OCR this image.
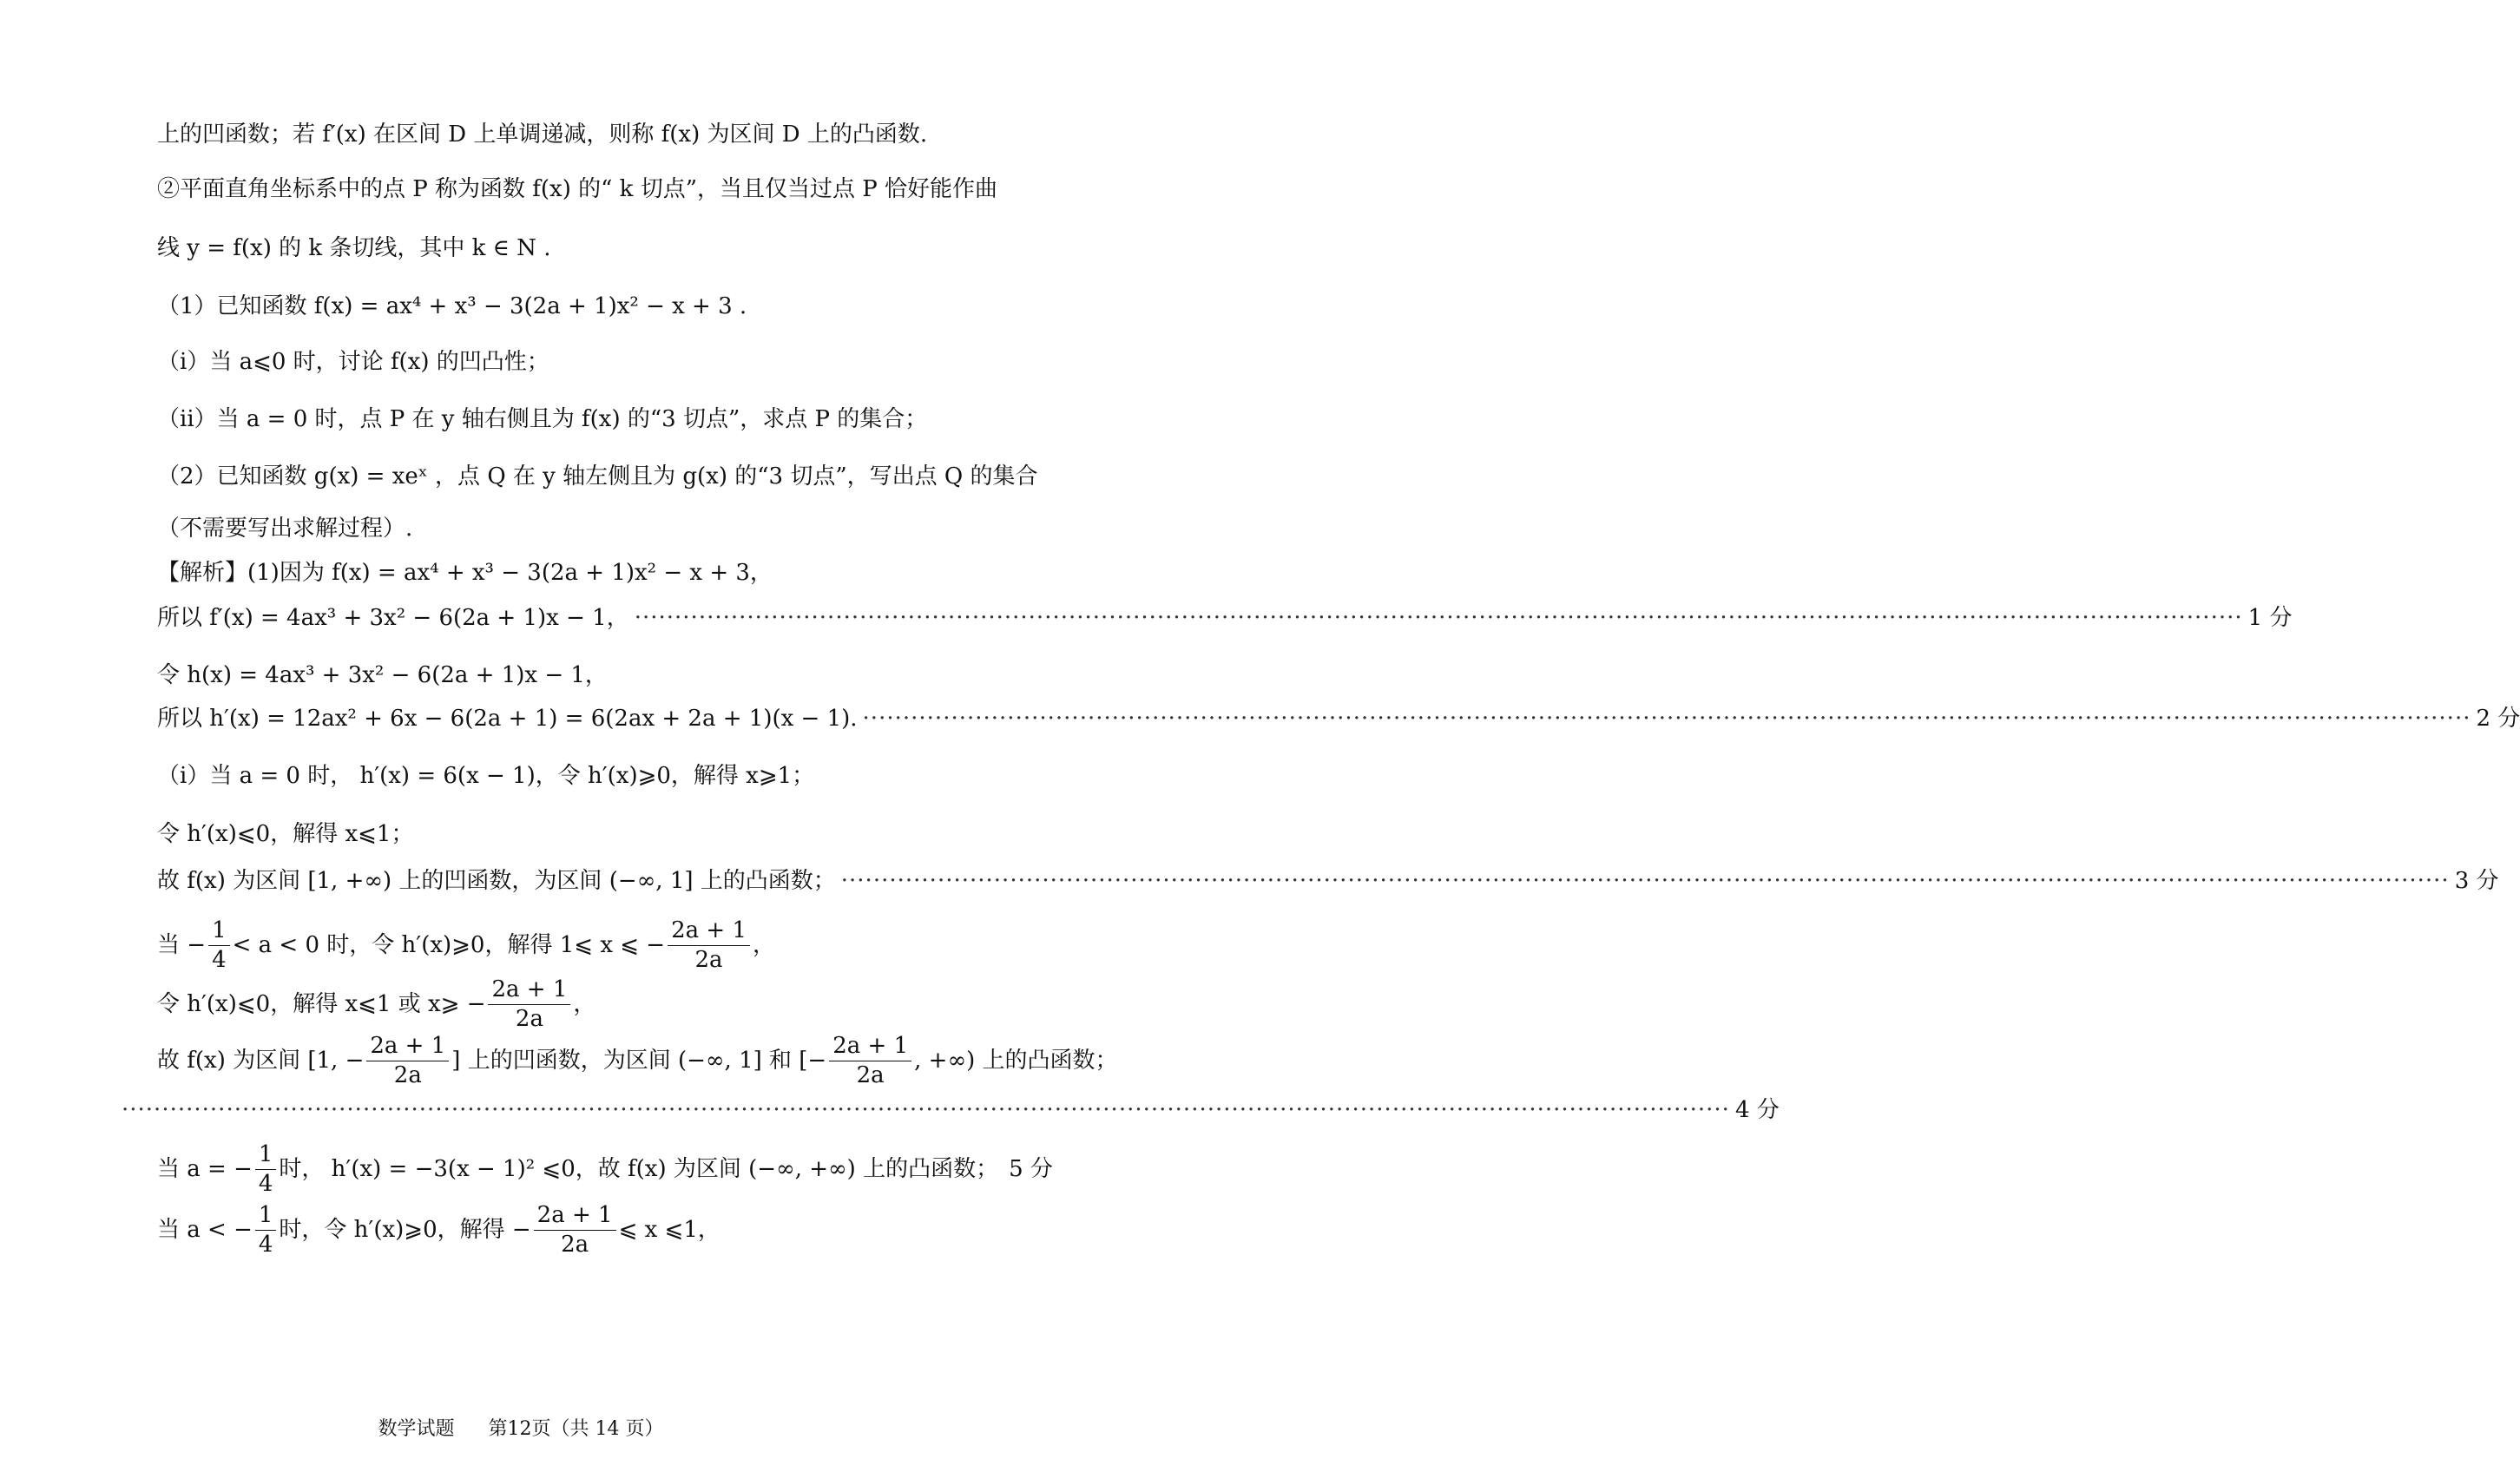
上的凹函数；若 f′(x) 在区间 D 上单调递减，则称 f(x) 为区间 D 上的凸函数.
②平面直角坐标系中的点 P 称为函数 f(x) 的“ k 切点”，当且仅当过点 P 恰好能作曲
线 y = f(x) 的 k 条切线，其中 k ∈ N .
（1）已知函数 f(x) = ax⁴ + x³ − 3(2a + 1)x² − x + 3 .
（i）当 a⩽0 时，讨论 f(x) 的凹凸性；
（ii）当 a = 0 时，点 P 在 y 轴右侧且为 f(x) 的“3 切点”，求点 P 的集合；
（2）已知函数 g(x) = xeˣ ，点 Q 在 y 轴左侧且为 g(x) 的“3 切点”，写出点 Q 的集合
（不需要写出求解过程）.
【解析】(1)因为 f(x) = ax⁴ + x³ − 3(2a + 1)x² − x + 3，
所以 f′(x) = 4ax³ + 3x² − 6(2a + 1)x − 1， ········································································································································································································ 1 分
令 h(x) = 4ax³ + 3x² − 6(2a + 1)x − 1，
所以 h′(x) = 12ax² + 6x − 6(2a + 1) = 6(2ax + 2a + 1)(x − 1). ········································································································································································································ 2 分
（i）当 a = 0 时， h′(x) = 6(x − 1)，令 h′(x)⩾0，解得 x⩾1；
令 h′(x)⩽0，解得 x⩽1；
故 f(x) 为区间 [1, +∞) 上的凹函数，为区间 (−∞, 1] 上的凸函数； ········································································································································································································ 3 分
当 − $\frac{1}{4} < a < 0$ 时，令 h′(x)⩾0，解得 1⩽ x ⩽ − $\frac{2a + 1}{2a}$ ，
令 h′(x)⩽0，解得 x⩽1 或 x⩾ − $\frac{2a + 1}{2a}$ ，
故 f(x) 为区间 [1, − $\frac{2a + 1}{2a}$ ] 上的凹函数，为区间 (−∞, 1] 和 [− $\frac{2a + 1}{2a}$ , +∞) 上的凸函数；
········································································································································································································ 4 分
当 a = − $\frac{1}{4}$ 时， h′(x) = −3(x − 1)² ⩽0，故 f(x) 为区间 (−∞, +∞) 上的凸函数； 5 分
当 a < − $\frac{1}{4}$ 时，令 h′(x)⩾0，解得 − $\frac{2a + 1}{2a}$ ⩽ x ⩽1，
数学试题 第12页（共 14 页）
